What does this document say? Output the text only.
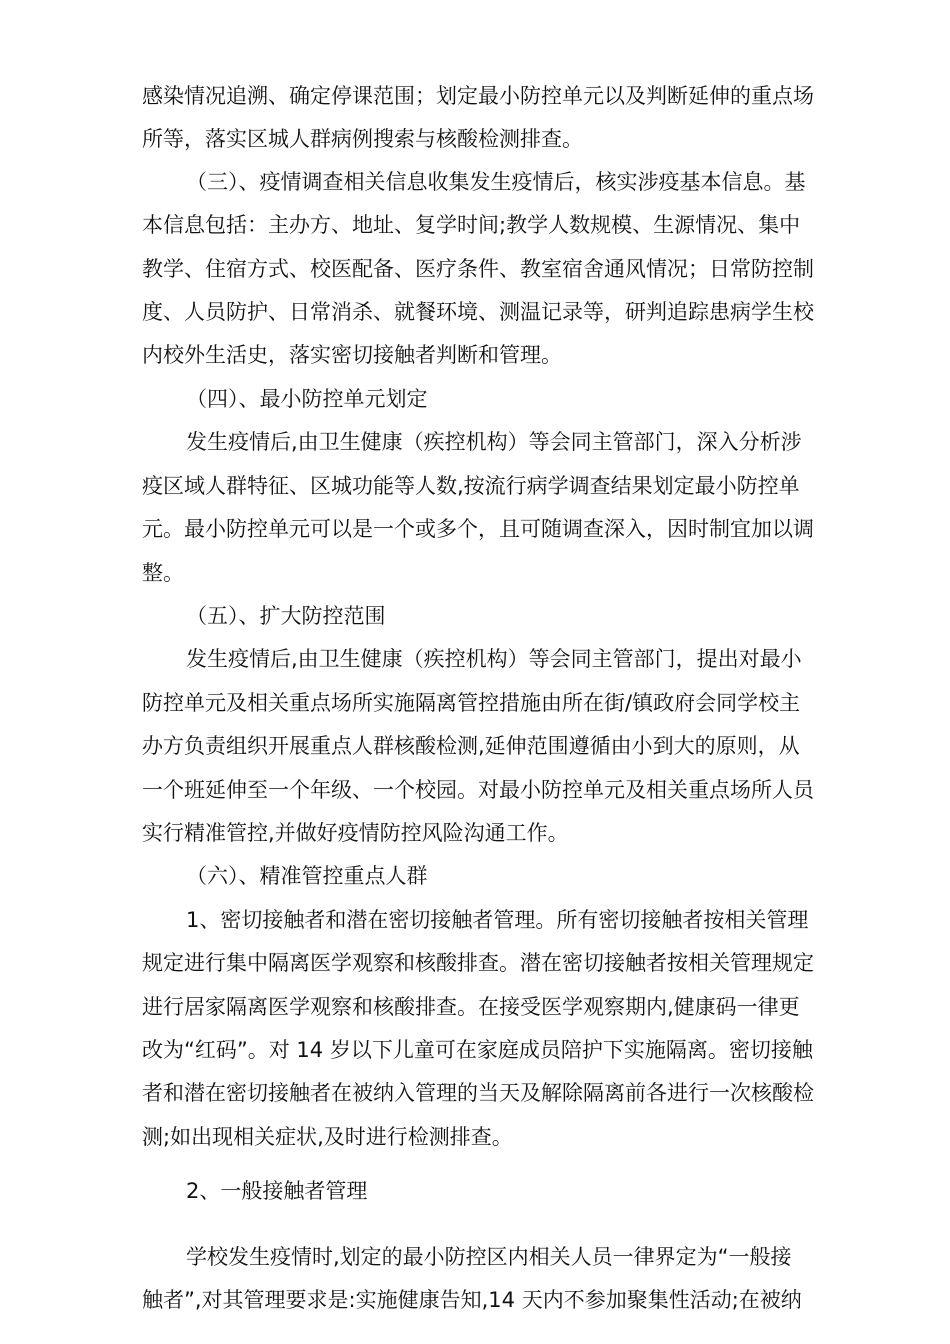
感染情况追溯、确定停课范围；划定最小防控单元以及判断延伸的重点场
所等，落实区城人群病例搜索与核酸检测排查。
（三）、疫情调查相关信息收集发生疫情后，核实涉疫基本信息。基
本信息包括：主办方、地址、复学时间;教学人数规模、生源情况、集中
教学、住宿方式、校医配备、医疗条件、教室宿舍通风情况；日常防控制
度、人员防护、日常消杀、就餐环境、测温记录等，研判追踪患病学生校
内校外生活史，落实密切接触者判断和管理。
（四）、最小防控单元划定
发生疫情后,由卫生健康（疾控机构）等会同主管部门，深入分析涉
疫区域人群特征、区城功能等人数,按流行病学调查结果划定最小防控单
元。最小防控单元可以是一个或多个，且可随调查深入，因时制宜加以调
整。
（五）、扩大防控范围
发生疫情后,由卫生健康（疾控机构）等会同主管部门，提出对最小
防控单元及相关重点场所实施隔离管控措施由所在街/镇政府会同学校主
办方负责组织开展重点人群核酸检测,延伸范围遵循由小到大的原则，从
一个班延伸至一个年级、一个校园。对最小防控单元及相关重点场所人员
实行精准管控,并做好疫情防控风险沟通工作。
（六）、精准管控重点人群
1、密切接触者和潜在密切接触者管理。所有密切接触者按相关管理
规定进行集中隔离医学观察和核酸排查。潜在密切接触者按相关管理规定
进行居家隔离医学观察和核酸排查。在接受医学观察期内,健康码一律更
改为“红码”。对 14 岁以下儿童可在家庭成员陪护下实施隔离。密切接触
者和潜在密切接触者在被纳入管理的当天及解除隔离前各进行一次核酸检
测;如出现相关症状,及时进行检测排查。
2、一般接触者管理
学校发生疫情时,划定的最小防控区内相关人员一律界定为“一般接
触者”,对其管理要求是:实施健康告知,14 天内不参加聚集性活动;在被纳
